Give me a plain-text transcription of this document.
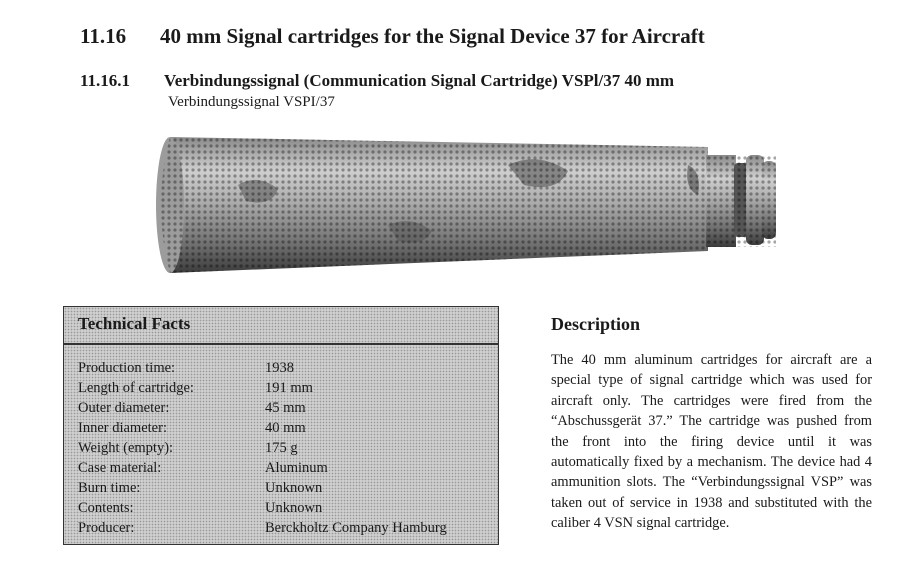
11.16 40 mm Signal cartridges for the Signal Device 37 for Aircraft
11.16.1 Verbindungssignal (Communication Signal Cartridge) VSPl/37 40 mm
Verbindungssignal VSPI/37
Technical Facts
Production time:	1938
Length of cartridge:	191 mm
Outer diameter:	45 mm
Inner diameter:	40 mm
Weight (empty):	175 g
Case material:	Aluminum
Burn time:	Unknown
Contents:	Unknown
Producer:	Berckholtz Company Hamburg
Description
The 40 mm aluminum cartridges for aircraft are a special type of signal cartridge which was used for aircraft only. The cartridges were fired from the “Abschussgerät 37.” The cartridge was pushed from the front into the firing device until it was automatically fixed by a mechanism. The device had 4 ammunition slots. The “Verbindungssignal VSP” was taken out of service in 1938 and substituted with the caliber 4 VSN signal cartridge.
